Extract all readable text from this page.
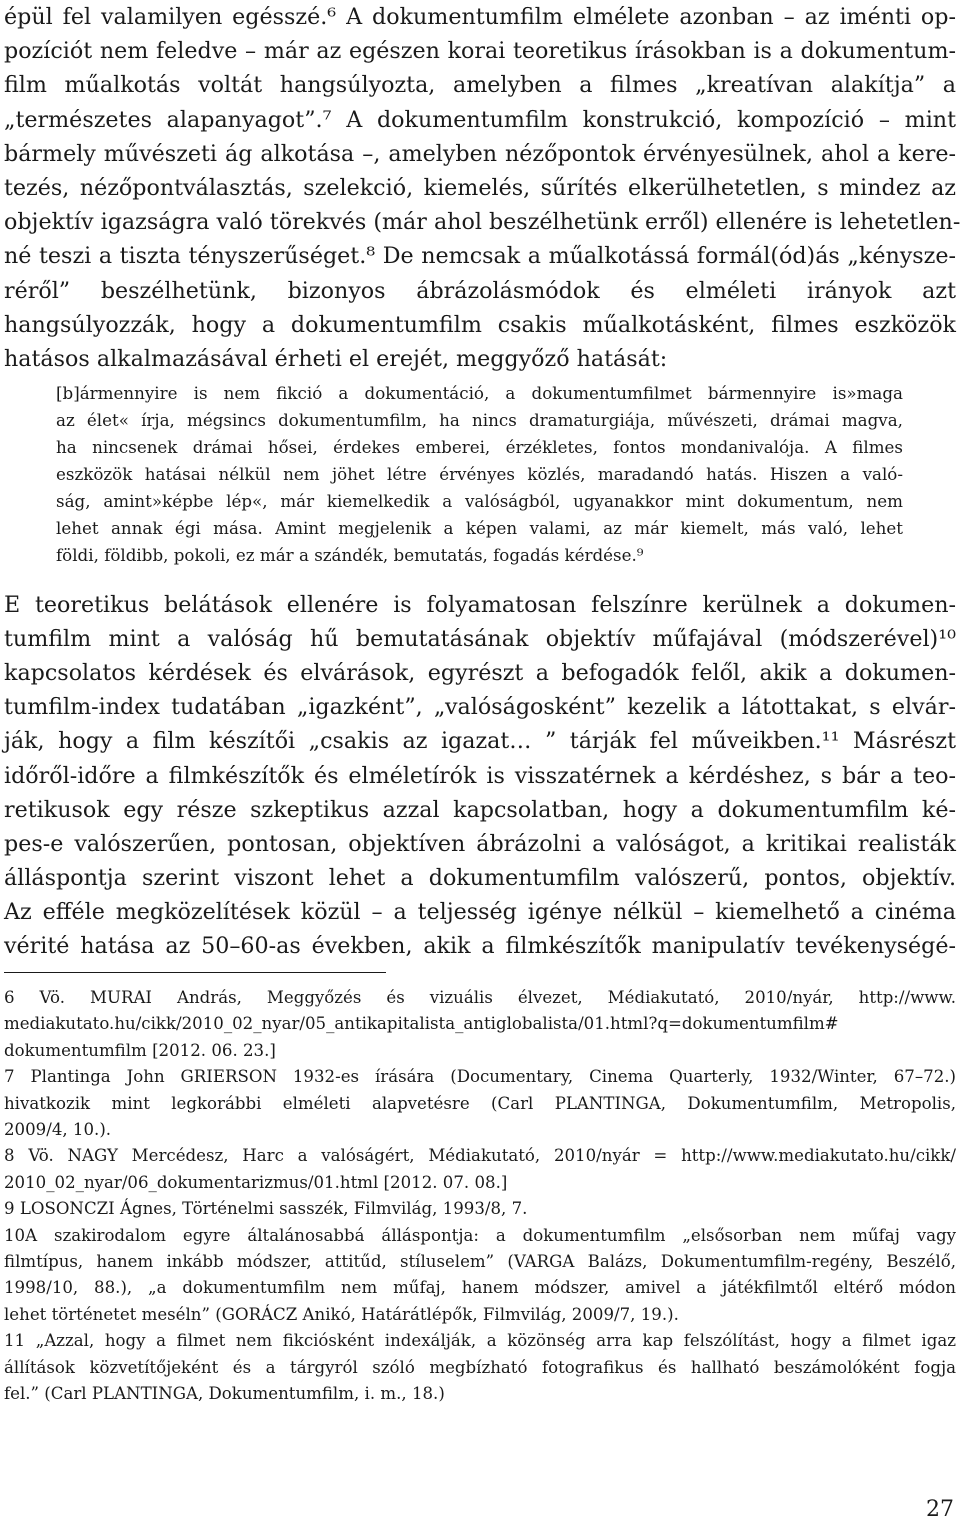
épül fel valamilyen egésszé.⁶ A dokumentumfilm elmélete azonban – az iménti op-
pozíciót nem feledve – már az egészen korai teoretikus írásokban is a dokumentum-
film műalkotás voltát hangsúlyozta, amelyben a filmes „kreatívan alakítja” a
„természetes alapanyagot”.⁷ A dokumentumfilm konstrukció, kompozíció – mint
bármely művészeti ág alkotása –, amelyben nézőpontok érvényesülnek, ahol a kere-
tezés, nézőpontválasztás, szelekció, kiemelés, sűrítés elkerülhetetlen, s mindez az
objektív igazságra való törekvés (már ahol beszélhetünk erről) ellenére is lehetetlen-
né teszi a tiszta tényszerűséget.⁸ De nemcsak a műalkotássá formál(ód)ás „kénysze-
réről” beszélhetünk, bizonyos ábrázolásmódok és elméleti irányok azt
hangsúlyozzák, hogy a dokumentumfilm csakis műalkotásként, filmes eszközök
hatásos alkalmazásával érheti el erejét, meggyőző hatását:
[b]ármennyire is nem fikció a dokumentáció, a dokumentumfilmet bármennyire is»maga
az élet« írja, mégsincs dokumentumfilm, ha nincs dramaturgiája, művészeti, drámai magva,
ha nincsenek drámai hősei, érdekes emberei, érzékletes, fontos mondanivalója. A filmes
eszközök hatásai nélkül nem jöhet létre érvényes közlés, maradandó hatás. Hiszen a való-
ság, amint»képbe lép«, már kiemelkedik a valóságból, ugyanakkor mint dokumentum, nem
lehet annak égi mása. Amint megjelenik a képen valami, az már kiemelt, más való, lehet
földi, földibb, pokoli, ez már a szándék, bemutatás, fogadás kérdése.⁹
E teoretikus belátások ellenére is folyamatosan felszínre kerülnek a dokumen-
tumfilm mint a valóság hű bemutatásának objektív műfajával (módszerével)¹⁰
kapcsolatos kérdések és elvárások, egyrészt a befogadók felől, akik a dokumen-
tumfilm-index tudatában „igazként”, „valóságosként” kezelik a látottakat, s elvár-
ják, hogy a film készítői „csakis az igazat… ” tárják fel műveikben.¹¹ Másrészt
időről-időre a filmkészítők és elméletírók is visszatérnek a kérdéshez, s bár a teo-
retikusok egy része szkeptikus azzal kapcsolatban, hogy a dokumentumfilm ké-
pes-e valószerűen, pontosan, objektíven ábrázolni a valóságot, a kritikai realisták
álláspontja szerint viszont lehet a dokumentumfilm valószerű, pontos, objektív.
Az efféle megközelítések közül – a teljesség igénye nélkül – kiemelhető a cinéma
vérité hatása az 50–60-as években, akik a filmkészítők manipulatív tevékenységé-
6 Vö. MURAI András, Meggyőzés és vizuális élvezet, Médiakutató, 2010/nyár, http://www.
mediakutato.hu/cikk/2010_02_nyar/05_antikapitalista_antiglobalista/01.html?q=dokumentumfilm#
dokumentumfilm [2012. 06. 23.]
7 Plantinga John GRIERSON 1932-es írására (Documentary, Cinema Quarterly, 1932/Winter, 67–72.)
hivatkozik mint legkorábbi elméleti alapvetésre (Carl PLANTINGA, Dokumentumfilm, Metropolis,
2009/4, 10.).
8 Vö. NAGY Mercédesz, Harc a valóságért, Médiakutató, 2010/nyár = http://www.mediakutato.hu/cikk/
2010_02_nyar/06_dokumentarizmus/01.html [2012. 07. 08.]
9 LOSONCZI Ágnes, Történelmi sasszék, Filmvilág, 1993/8, 7.
10A szakirodalom egyre általánosabbá álláspontja: a dokumentumfilm „elsősorban nem műfaj vagy
filmtípus, hanem inkább módszer, attitűd, stíluselem” (VARGA Balázs, Dokumentumfilm-regény, Beszélő,
1998/10, 88.), „a dokumentumfilm nem műfaj, hanem módszer, amivel a játékfilmtől eltérő módon
lehet történetet meséln” (GORÁCZ Anikó, Határátlépők, Filmvilág, 2009/7, 19.).
11 „Azzal, hogy a filmet nem fikciósként indexálják, a közönség arra kap felszólítást, hogy a filmet igaz
állítások közvetítőjeként és a tárgyról szóló megbízható fotografikus és hallható beszámolóként fogja
fel.” (Carl PLANTINGA, Dokumentumfilm, i. m., 18.)
27
